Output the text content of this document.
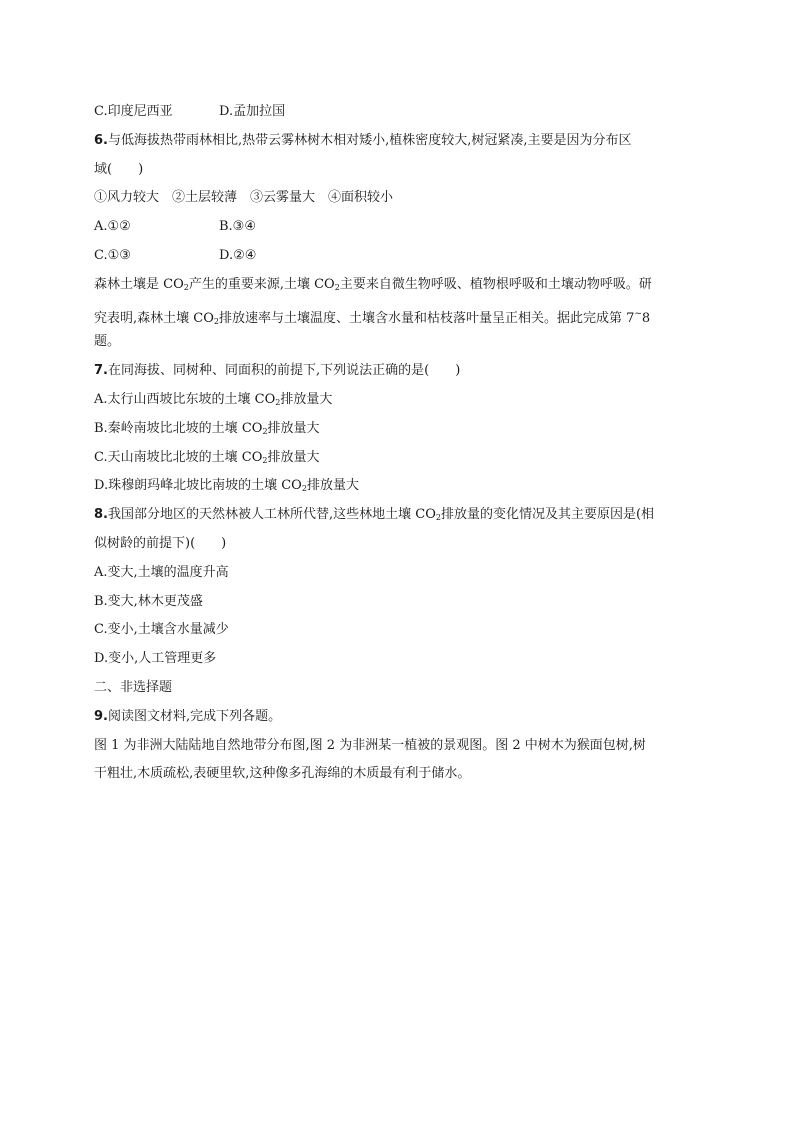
C.印度尼西亚	D.孟加拉国
6.与低海拔热带雨林相比,热带云雾林树木相对矮小,植株密度较大,树冠紧凑,主要是因为分布区
域( )
①风力较大　②土层较薄　③云雾量大　④面积较小
A.①②	B.③④
C.①③	D.②④
森林土壤是 $CO_2$产生的重要来源,土壤 $CO_2$主要来自微生物呼吸、植物根呼吸和土壤动物呼吸。研
究表明,森林土壤 $CO_2$排放速率与土壤温度、土壤含水量和枯枝落叶量呈正相关。据此完成第 7~8
题。
7.在同海拔、同树种、同面积的前提下,下列说法正确的是( )
A.太行山西坡比东坡的土壤 $CO_2$排放量大
B.秦岭南坡比北坡的土壤 $CO_2$排放量大
C.天山南坡比北坡的土壤 $CO_2$排放量大
D.珠穆朗玛峰北坡比南坡的土壤 $CO_2$排放量大
8.我国部分地区的天然林被人工林所代替,这些林地土壤 $CO_2$排放量的变化情况及其主要原因是(相
似树龄的前提下)( )
A.变大,土壤的温度升高
B.变大,林木更茂盛
C.变小,土壤含水量减少
D.变小,人工管理更多
二、非选择题
9.阅读图文材料,完成下列各题。
图 1 为非洲大陆陆地自然地带分布图,图 2 为非洲某一植被的景观图。图 2 中树木为猴面包树,树
干粗壮,木质疏松,表硬里软,这种像多孔海绵的木质最有利于储水。
